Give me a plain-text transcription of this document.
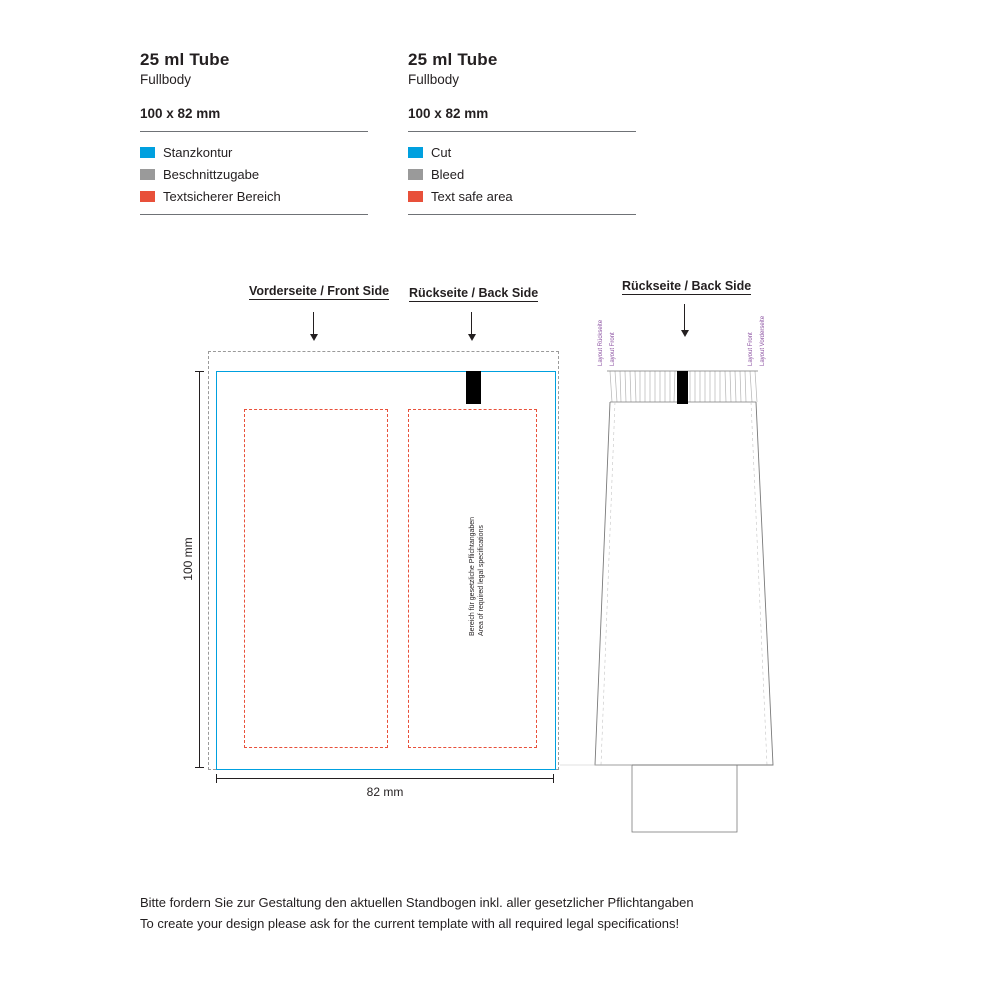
25 ml Tube
Fullbody
100 x 82 mm
Stanzkontur
Beschnittzugabe
Textsicherer Bereich
25 ml Tube
Fullbody
100 x 82 mm
Cut
Bleed
Text safe area
Vorderseite / Front Side Rückseite / Back Side	Rückseite / Back Side
Bereich für gesetzliche Pflichtangaben Area of required legal specifications
100 mm
82 mm
Layout Rückseite Layout Front	Layout Front Layout Vorderseite
Bitte fordern Sie zur Gestaltung den aktuellen Standbogen inkl. aller gesetzlicher Pflichtangaben
To create your design please ask for the current template with all required legal specifications!
